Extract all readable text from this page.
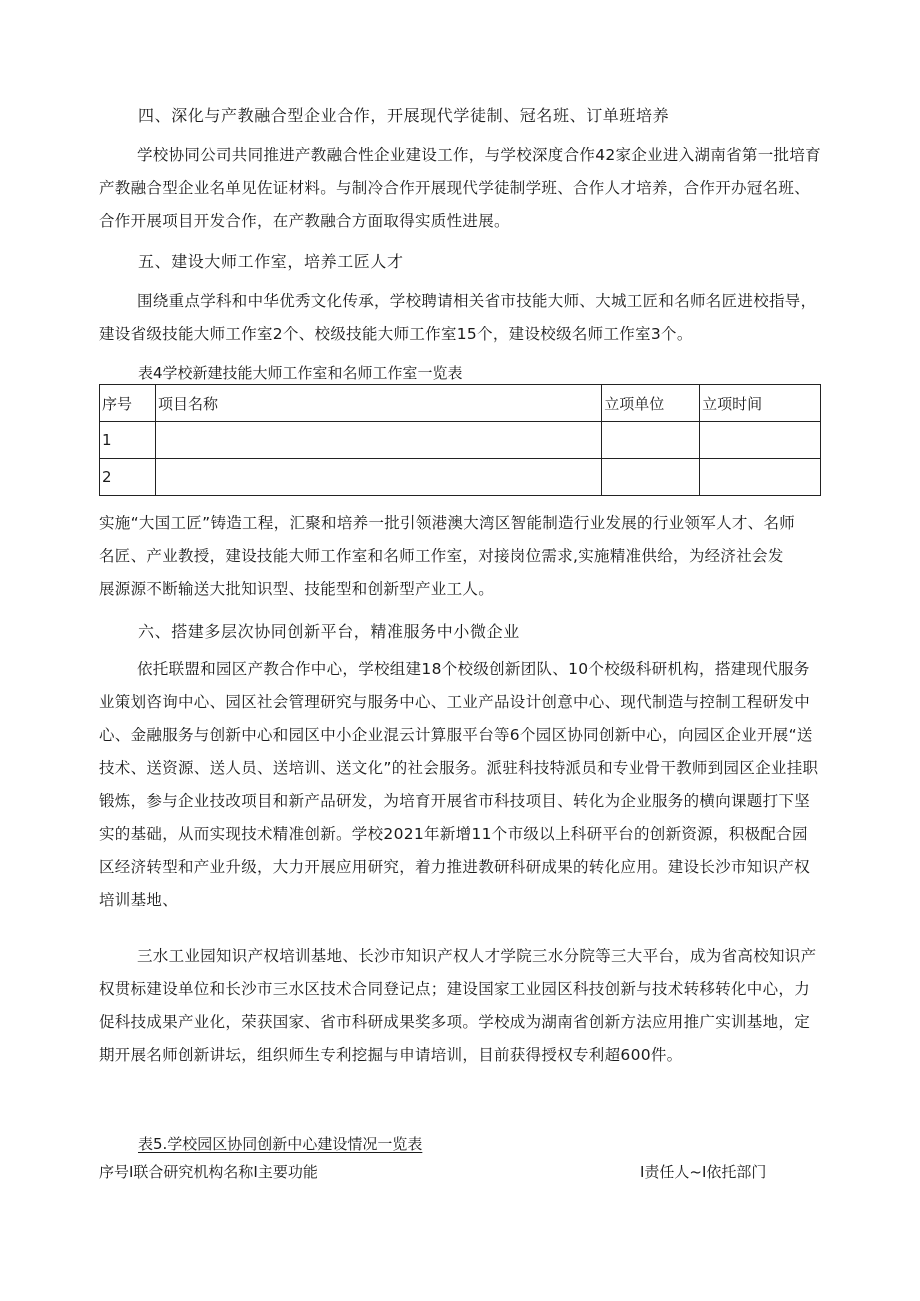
四、深化与产教融合型企业合作，开展现代学徒制、冠名班、订单班培养

学校协同公司共同推进产教融合性企业建设工作，与学校深度合作42家企业进入湖南省第一批培育产教融合型企业名单见佐证材料。与制冷合作开展现代学徒制学班、合作人才培养，合作开办冠名班、合作开展项目开发合作，在产教融合方面取得实质性进展。

五、建设大师工作室，培养工匠人才

围绕重点学科和中华优秀文化传承，学校聘请相关省市技能大师、大城工匠和名师名匠进校指导，建设省级技能大师工作室2个、校级技能大师工作室15个，建设校级名师工作室3个。

表4学校新建技能大师工作室和名师工作室一览表

序号	项目名称	立项单位	立项时间
1			
2			

实施“大国工匠”铸造工程，汇聚和培养一批引领港澳大湾区智能制造行业发展的行业领军人才、名师名匠、产业教授，建设技能大师工作室和名师工作室，对接岗位需求,实施精准供给，为经济社会发展源源不断输送大批知识型、技能型和创新型产业工人。

六、搭建多层次协同创新平台，精准服务中小微企业

依托联盟和园区产教合作中心，学校组建18个校级创新团队、10个校级科研机构，搭建现代服务业策划咨询中心、园区社会管理研究与服务中心、工业产品设计创意中心、现代制造与控制工程研发中心、金融服务与创新中心和园区中小企业混云计算服平台等6个园区协同创新中心，向园区企业开展“送技术、送资源、送人员、送培训、送文化”的社会服务。派驻科技特派员和专业骨干教师到园区企业挂职锻炼，参与企业技改项目和新产品研发，为培育开展省市科技项目、转化为企业服务的横向课题打下坚实的基础，从而实现技术精准创新。学校2021年新增11个市级以上科研平台的创新资源，积极配合园区经济转型和产业升级，大力开展应用研究，着力推进教研科研成果的转化应用。建设长沙市知识产权培训基地、

三水工业园知识产权培训基地、长沙市知识产权人才学院三水分院等三大平台，成为省高校知识产权贯标建设单位和长沙市三水区技术合同登记点；建设国家工业园区科技创新与技术转移转化中心，力促科技成果产业化，荣获国家、省市科研成果奖多项。学校成为湖南省创新方法应用推广实训基地，定期开展名师创新讲坛，组织师生专利挖掘与申请培训，目前获得授权专利超600件。

表5.学校园区协同创新中心建设情况一览表

序号I联合研究机构名称I主要功能	I责任人~I依托部门
